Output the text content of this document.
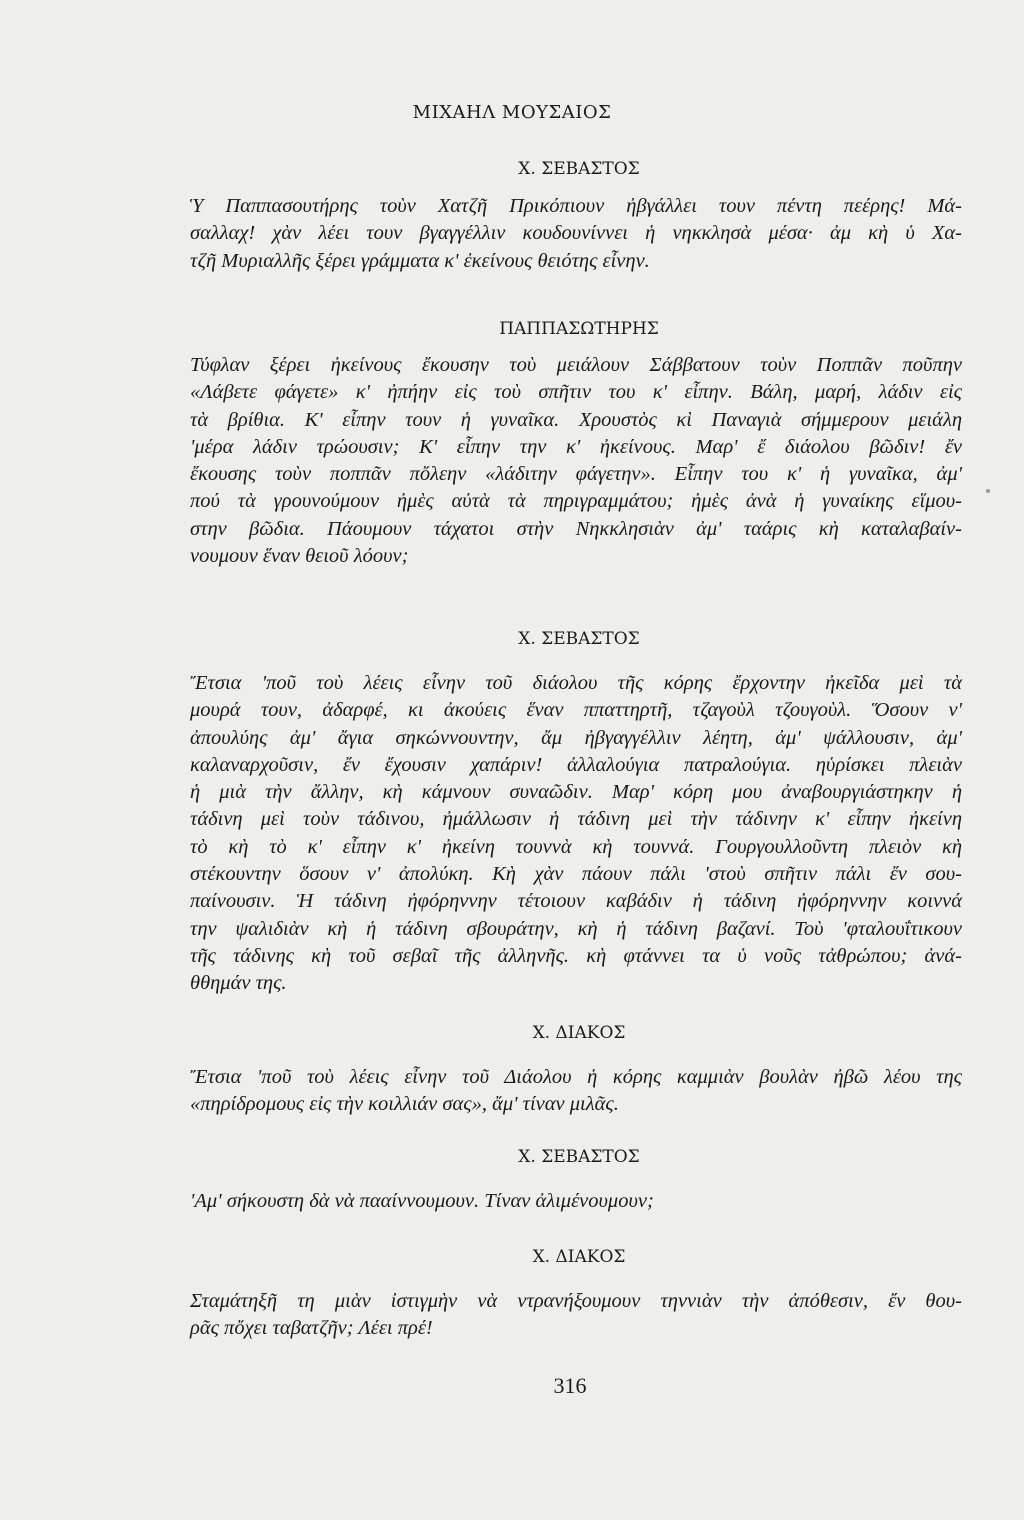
ΜΙΧΑΗΛ ΜΟΥΣΑΙΟΣ
Χ. ΣΕΒΑΣΤΟΣ
Ὑ Παππασουτήρης τοὺν Χατζῆ Πρικόπιουν ἠβγάλλει τουν πέντη πεέρης! Μά-
σαλλαχ! χὰν λέει τουν βγαγγέλλιν κουδουνίννει ἡ νηκκλησὰ μέσα· ἀμ κὴ ὑ Χα-
τζῆ Μυριαλλῆς ξέρει γράμματα κ' ἐκείνους θειότης εἶνην.
ΠΑΠΠΑΣΩΤΗΡΗΣ
Τύφλαν ξέρει ἠκείνους ἔκουσην τοὺ μειάλουν Σάββατουν τοὺν Ποππᾶν ποῦπην
«Λάβετε φάγετε» κ' ἠπήην εἰς τοὺ σπῆτιν του κ' εἶπην. Βάλη, μαρή, λάδιν εἰς
τὰ βρίθια. Κ' εἶπην τουν ἡ γυναῖκα. Χρουστὸς κὶ Παναγιὰ σήμμερουν μειάλη
'μέρα λάδιν τρώουσιν; Κ' εἶπην την κ' ἠκείνους. Μαρ' ἔ διάολου βῶδιν! ἔν
ἔκουσης τοὺν ποππᾶν πὄλεην «λάδιτην φάγετην». Εἶπην του κ' ἡ γυναῖκα, ἀμ'
πού τὰ γρουνούμουν ἠμὲς αὐτὰ τὰ πηριγραμμάτου; ἠμὲς ἀνὰ ἡ γυναίκης εἵμου-
στην βῶδια. Πάουμουν τάχατοι στὴν Νηκκλησιὰν ἀμ' ταάρις κὴ καταλαβαίν-
νουμουν ἕναν θειοῦ λόουν;
Χ. ΣΕΒΑΣΤΟΣ
Ἔτσια 'ποῦ τοὺ λέεις εἶνην τοῦ διάολου τῆς κόρης ἔρχοντην ἠκεῖδα μεὶ τὰ
μουρά τουν, ἀδαρφέ, κι ἀκούεις ἕναν ππαττηρτῆ, τζαγοὺλ τζουγοὺλ. Ὅσουν ν'
ἀπουλύης ἀμ' ἄγια σηκώννουντην, ἄμ ἠβγαγγέλλιν λέητη, ἀμ' ψάλλουσιν, ἀμ'
καλαναρχοῦσιν, ἔν ἔχουσιν χαπάριν! ἀλλαλούγια πατραλούγια. ηὑρίσκει πλειὰν
ἡ μιὰ τὴν ἄλλην, κὴ κάμνουν συναῶδιν. Μαρ' κόρη μου ἀναβουργιάστηκην ἡ
τάδινη μεὶ τοὺν τάδινου, ἠμάλλωσιν ἡ τάδινη μεὶ τὴν τάδινην κ' εἶπην ἠκείνη
τὸ κὴ τὸ κ' εἶπην κ' ἠκείνη τουννὰ κὴ τουννά. Γουργουλλοῦντη πλειὸν κὴ
στέκουντην ὅσουν ν' ἀπολύκη. Κὴ χὰν πάουν πάλι 'στοὺ σπῆτιν πάλι ἔν σου-
παίνουσιν. Ἡ τάδινη ἠφόρηννην τέτοιουν καβάδιν ἡ τάδινη ἠφόρηννην κοιννά
την ψαλιδιὰν κὴ ἡ τάδινη σβουράτην, κὴ ἡ τάδινη βαζανί. Τοὺ 'φταλουΐτικουν
τῆς τάδινης κὴ τοῦ σεβαῖ τῆς ἀλληνῆς. κὴ φτάννει τα ὑ νοῦς τἀθρώπου; ἀνά-
θθημάν της.
Χ. ΔΙΑΚΟΣ
Ἔτσια 'ποῦ τοὺ λέεις εἶνην τοῦ Διάολου ἡ κόρης καμμιὰν βουλὰν ἠβῶ λέου της
«πηρίδρομους εἰς τὴν κοιλλιάν σας», ἄμ' τίναν μιλᾶς.
Χ. ΣΕΒΑΣΤΟΣ
'Αμ' σήκουστη δὰ νὰ πααίννουμουν. Τίναν ἀλιμένουμουν;
Χ. ΔΙΑΚΟΣ
Σταμάτηξῆ τη μιὰν ἰστιγμὴν νὰ ντρανήξουμουν τηννιὰν τὴν ἀπόθεσιν, ἔν θου-
ρᾶς πὄχει ταβατζῆν; Λέει πρέ!
316
